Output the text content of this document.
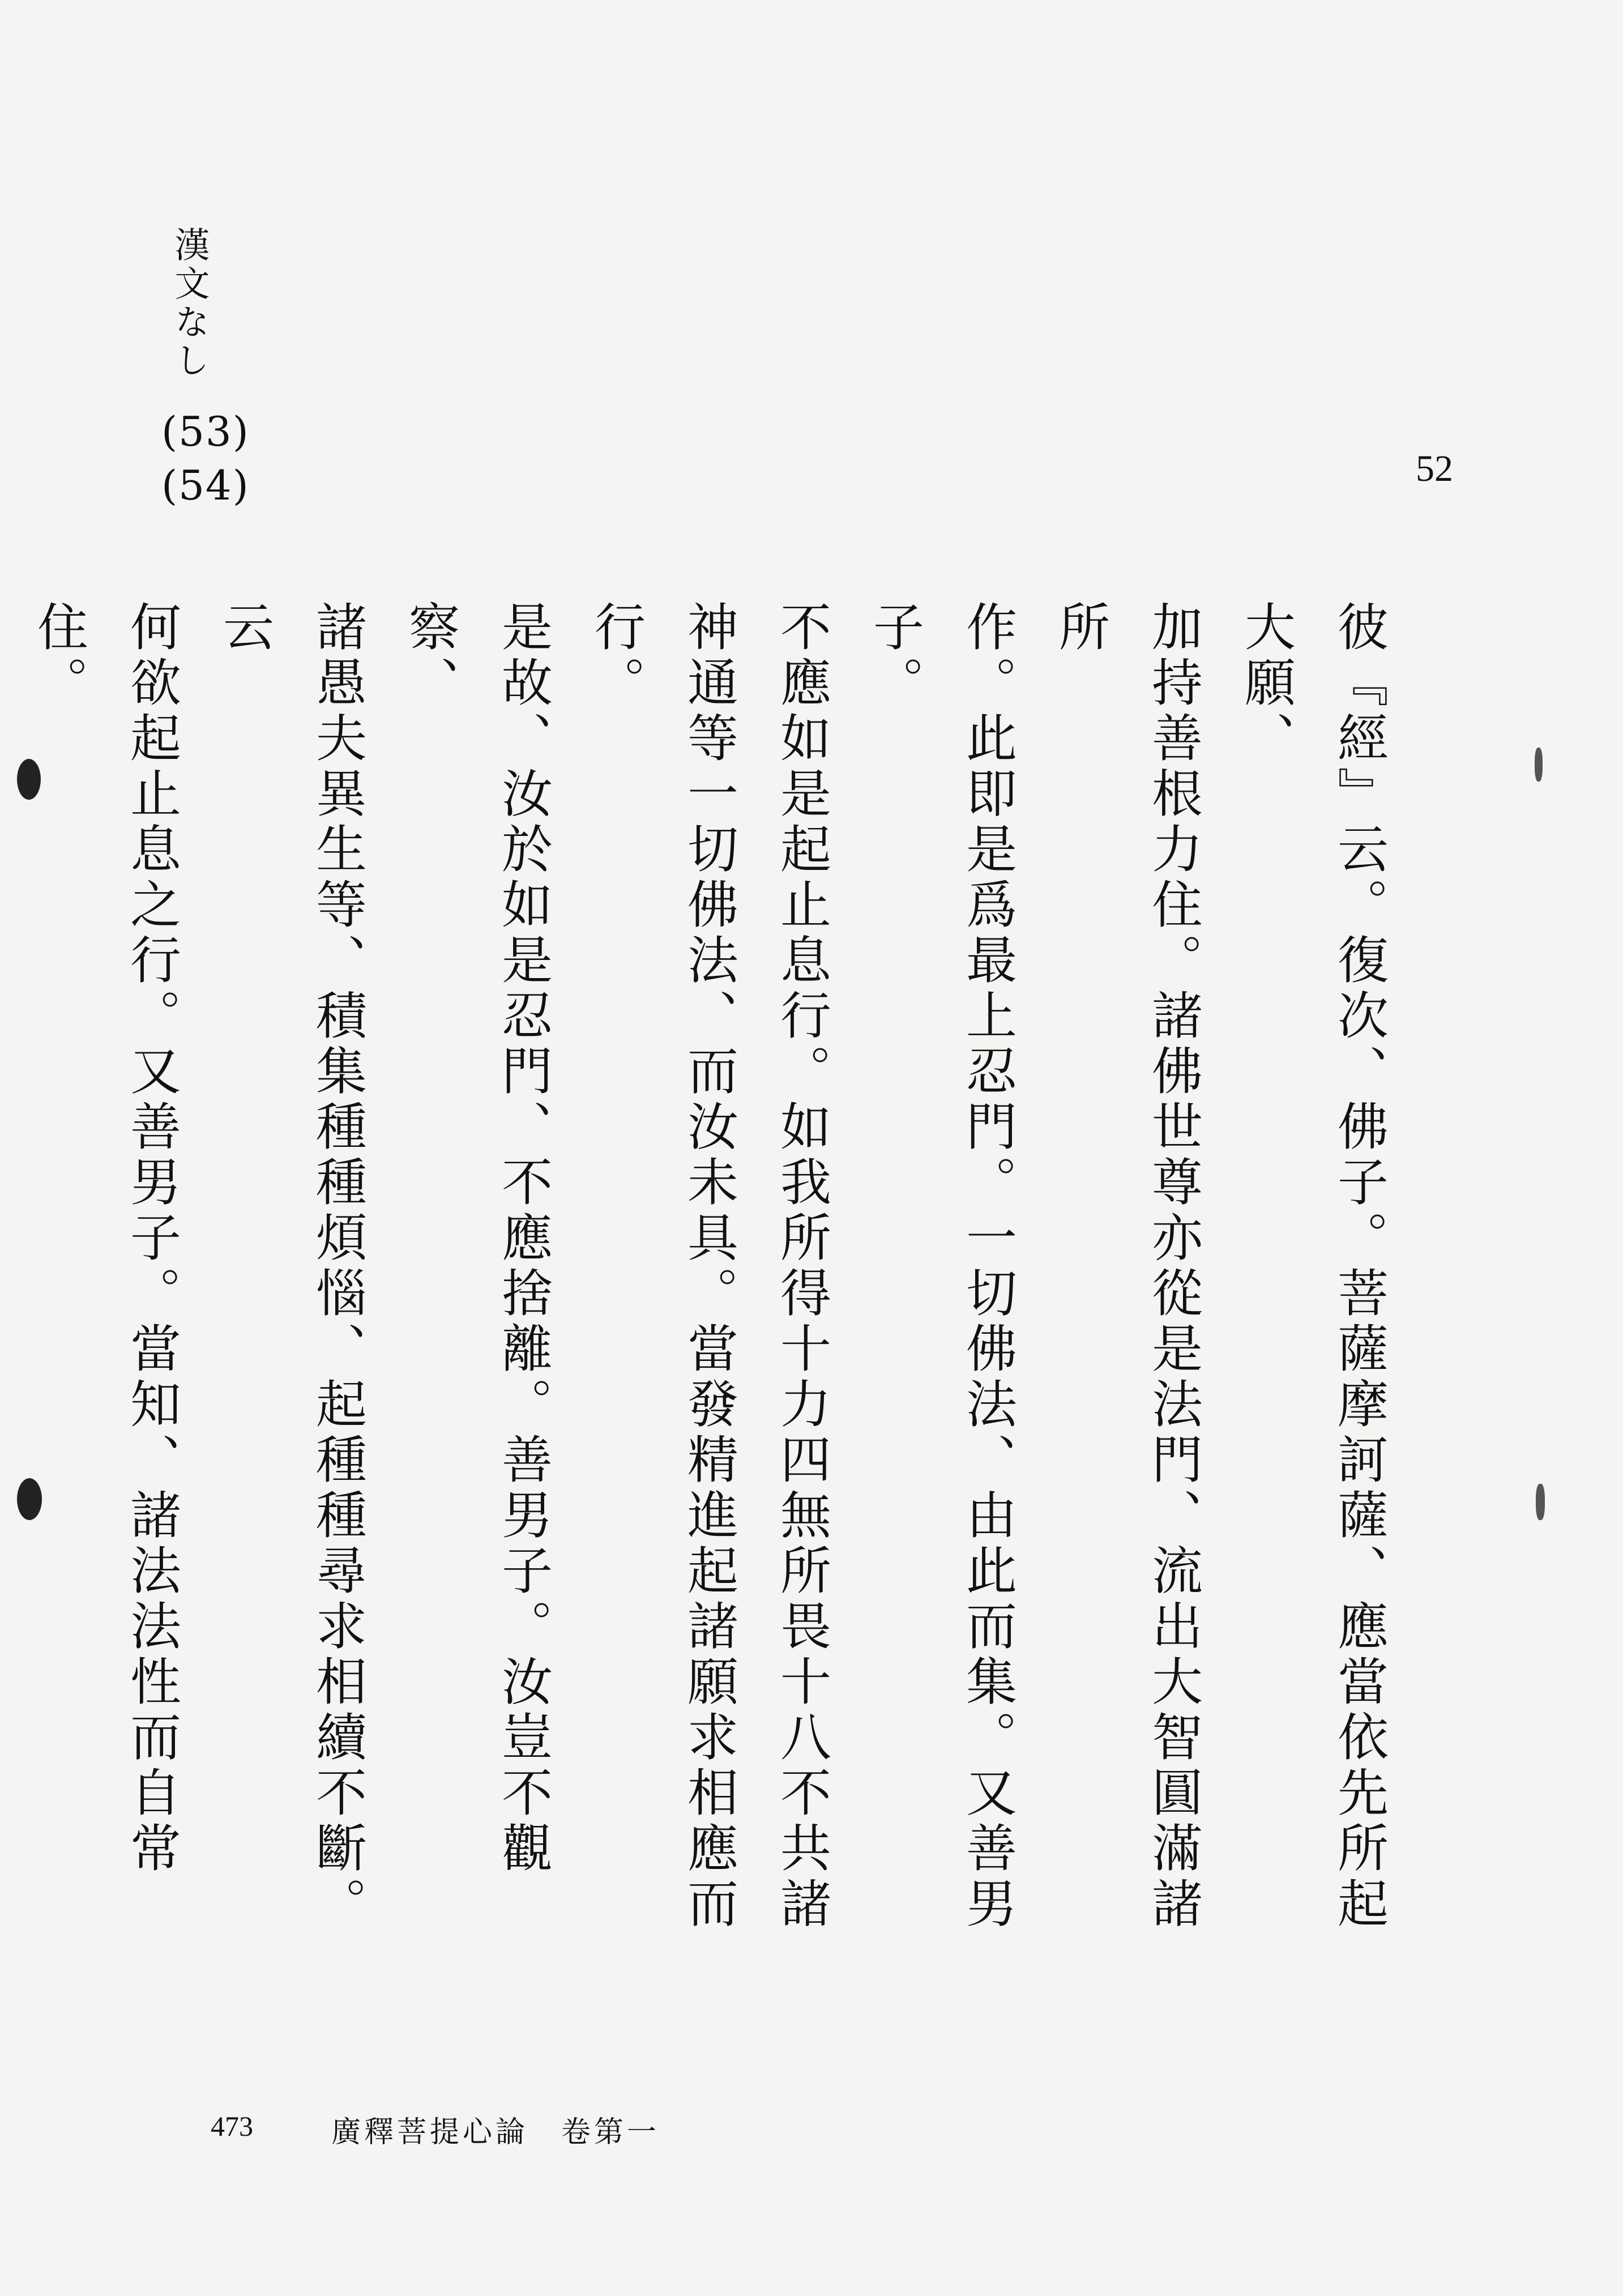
漢文なし
(53)
(54)	52
彼『經』云。復次、佛子。菩薩摩訶薩、應當依先所起大願、
加持善根力住。諸佛世尊亦從是法門、流出大智圓滿諸所
作。此即是爲最上忍門。一切佛法、由此而集。又善男子。
不應如是起止息行。如我所得十力四無所畏十八不共諸
神通等一切佛法、而汝未具。當發精進起諸願求相應而行。
是故、汝於如是忍門、不應捨離。善男子。汝豈不觀察、
諸愚夫異生等、積集種種煩惱、起種種尋求相續不斷。云
何欲起止息之行。又善男子。當知、諸法法性而自常住。
473	廣釋菩提心論　卷第一
